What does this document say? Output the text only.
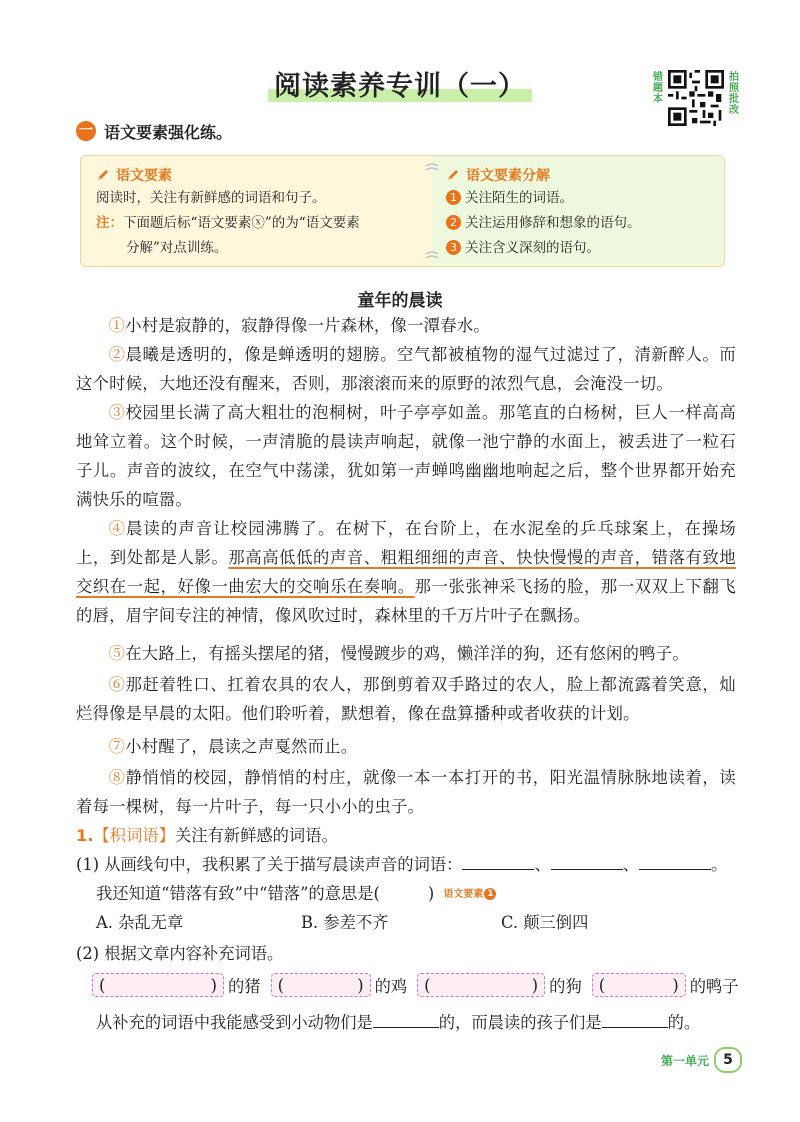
阅读素养专训（一）	错题本
拍照批改
一 语文要素强化练。
语文要素
阅读时，关注有新鲜感的词语和句子。
注：下面题后标“语文要素ⓧ”的为“语文要素
分解”对点训练。
语文要素分解
1 关注陌生的词语。
2 关注运用修辞和想象的语句。
3 关注含义深刻的语句。
童年的晨读
①小村是寂静的，寂静得像一片森林，像一潭春水。
②晨曦是透明的，像是蝉透明的翅膀。空气都被植物的湿气过滤过了，清新醉人。而这个时候，大地还没有醒来，否则，那滚滚而来的原野的浓烈气息，会淹没一切。
③校园里长满了高大粗壮的泡桐树，叶子亭亭如盖。那笔直的白杨树，巨人一样高高地耸立着。这个时候，一声清脆的晨读声响起，就像一池宁静的水面上，被丢进了一粒石子儿。声音的波纹，在空气中荡漾，犹如第一声蝉鸣幽幽地响起之后，整个世界都开始充满快乐的喧嚣。
④晨读的声音让校园沸腾了。在树下，在台阶上，在水泥垒的乒乓球案上，在操场上，到处都是人影。那高高低低的声音、粗粗细细的声音、快快慢慢的声音，错落有致地交织在一起，好像一曲宏大的交响乐在奏响。那一张张神采飞扬的脸，那一双双上下翻飞的唇，眉宇间专注的神情，像风吹过时，森林里的千万片叶子在飘扬。
⑤在大路上，有摇头摆尾的猪，慢慢踱步的鸡，懒洋洋的狗，还有悠闲的鸭子。
⑥那赶着牲口、扛着农具的农人，那倒剪着双手路过的农人，脸上都流露着笑意，灿烂得像是早晨的太阳。他们聆听着，默想着，像在盘算播种或者收获的计划。
⑦小村醒了，晨读之声戛然而止。
⑧静悄悄的校园，静悄悄的村庄，就像一本一本打开的书，阳光温情脉脉地读着，读着每一棵树，每一片叶子，每一只小小的虫子。
1.【积词语】关注有新鲜感的词语。
(1) 从画线句中，我积累了关于描写晨读声音的词语：	、	、	。
我还知道“错落有致”中“错落”的意思是(	) 语文要素 1
A. 杂乱无章	B. 参差不齐	C. 颠三倒四
(2) 根据文章内容补充词语。
(	) 的猪 (	) 的鸡 (	) 的狗 (	) 的鸭子
从补充的词语中我能感受到小动物们是	的，而晨读的孩子们是	的。
第一单元	5
